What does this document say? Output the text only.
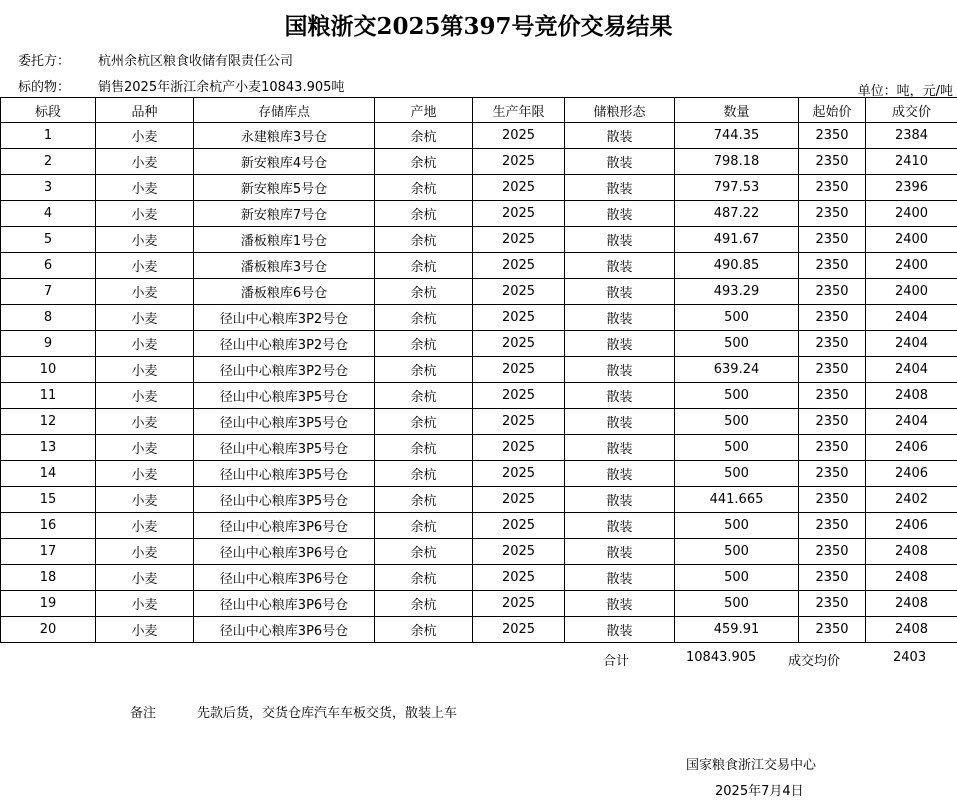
国粮浙交2025第397号竞价交易结果
委托方： 杭州余杭区粮食收储有限责任公司
标的物： 销售2025年浙江余杭产小麦10843.905吨	单位：吨，元/吨
标段	品种	存储库点	产地	生产年限	储粮形态	数量	起始价	成交价
1	小麦	永建粮库3号仓	余杭	2025	散装	744.35	2350	2384
2	小麦	新安粮库4号仓	余杭	2025	散装	798.18	2350	2410
3	小麦	新安粮库5号仓	余杭	2025	散装	797.53	2350	2396
4	小麦	新安粮库7号仓	余杭	2025	散装	487.22	2350	2400
5	小麦	潘板粮库1号仓	余杭	2025	散装	491.67	2350	2400
6	小麦	潘板粮库3号仓	余杭	2025	散装	490.85	2350	2400
7	小麦	潘板粮库6号仓	余杭	2025	散装	493.29	2350	2400
8	小麦	径山中心粮库3P2号仓	余杭	2025	散装	500	2350	2404
9	小麦	径山中心粮库3P2号仓	余杭	2025	散装	500	2350	2404
10	小麦	径山中心粮库3P2号仓	余杭	2025	散装	639.24	2350	2404
11	小麦	径山中心粮库3P5号仓	余杭	2025	散装	500	2350	2408
12	小麦	径山中心粮库3P5号仓	余杭	2025	散装	500	2350	2404
13	小麦	径山中心粮库3P5号仓	余杭	2025	散装	500	2350	2406
14	小麦	径山中心粮库3P5号仓	余杭	2025	散装	500	2350	2406
15	小麦	径山中心粮库3P5号仓	余杭	2025	散装	441.665	2350	2402
16	小麦	径山中心粮库3P6号仓	余杭	2025	散装	500	2350	2406
17	小麦	径山中心粮库3P6号仓	余杭	2025	散装	500	2350	2408
18	小麦	径山中心粮库3P6号仓	余杭	2025	散装	500	2350	2408
19	小麦	径山中心粮库3P6号仓	余杭	2025	散装	500	2350	2408
20	小麦	径山中心粮库3P6号仓	余杭	2025	散装	459.91	2350	2408
合计	10843.905 成交均价	2403
备注	先款后货，交货仓库汽车车板交货，散装上车
国家粮食浙江交易中心
2025年7月4日
